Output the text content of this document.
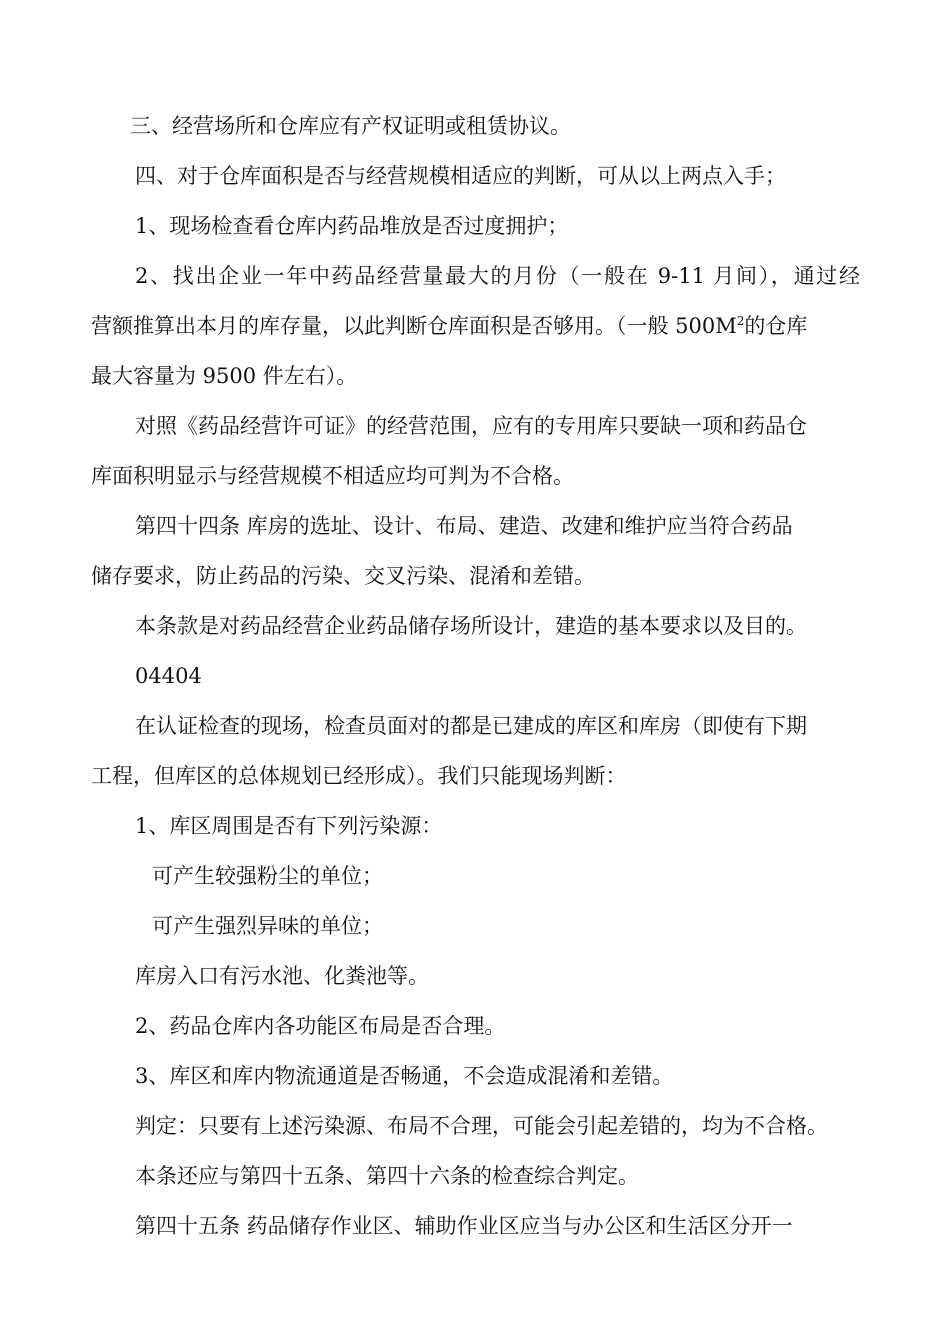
三、经营场所和仓库应有产权证明或租赁协议。

四、对于仓库面积是否与经营规模相适应的判断，可从以上两点入手；

1、现场检查看仓库内药品堆放是否过度拥护；

2、找出企业一年中药品经营量最大的月份（一般在 9-11 月间），通过经

营额推算出本月的库存量，以此判断仓库面积是否够用。（一般 $500M^2$的仓库

最大容量为 9500 件左右）。

对照《药品经营许可证》的经营范围，应有的专用库只要缺一项和药品仓

库面积明显示与经营规模不相适应均可判为不合格。

第四十四条 库房的选址、设计、布局、建造、改建和维护应当符合药品

储存要求，防止药品的污染、交叉污染、混淆和差错。

本条款是对药品经营企业药品储存场所设计，建造的基本要求以及目的。

04404

在认证检查的现场，检查员面对的都是已建成的库区和库房（即使有下期

工程，但库区的总体规划已经形成）。我们只能现场判断：

1、库区周围是否有下列污染源：

可产生较强粉尘的单位；

可产生强烈异味的单位；

库房入口有污水池、化粪池等。

2、药品仓库内各功能区布局是否合理。

3、库区和库内物流通道是否畅通，不会造成混淆和差错。

判定：只要有上述污染源、布局不合理，可能会引起差错的，均为不合格。

本条还应与第四十五条、第四十六条的检查综合判定。

第四十五条 药品储存作业区、辅助作业区应当与办公区和生活区分开一
